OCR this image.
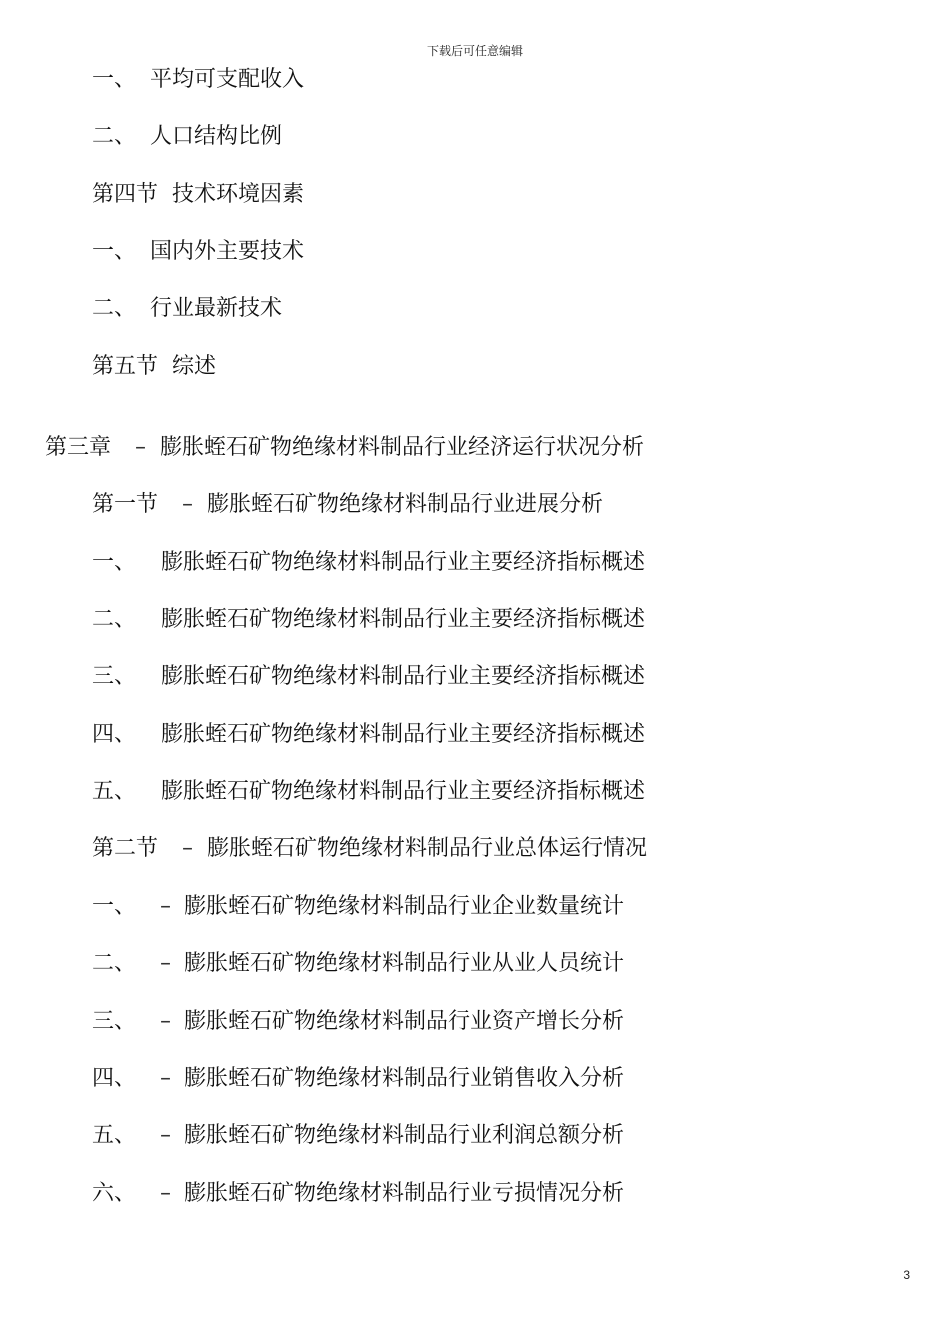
下载后可任意编辑
一、 平均可支配收入
二、 人口结构比例
第四节 技术环境因素
一、 国内外主要技术
二、 行业最新技术
第五节 综述
第三章 – 膨胀蛭石矿物绝缘材料制品行业经济运行状况分析
第一节 – 膨胀蛭石矿物绝缘材料制品行业进展分析
一、 膨胀蛭石矿物绝缘材料制品行业主要经济指标概述
二、 膨胀蛭石矿物绝缘材料制品行业主要经济指标概述
三、 膨胀蛭石矿物绝缘材料制品行业主要经济指标概述
四、 膨胀蛭石矿物绝缘材料制品行业主要经济指标概述
五、 膨胀蛭石矿物绝缘材料制品行业主要经济指标概述
第二节 – 膨胀蛭石矿物绝缘材料制品行业总体运行情况
一、 – 膨胀蛭石矿物绝缘材料制品行业企业数量统计
二、 – 膨胀蛭石矿物绝缘材料制品行业从业人员统计
三、 – 膨胀蛭石矿物绝缘材料制品行业资产增长分析
四、 – 膨胀蛭石矿物绝缘材料制品行业销售收入分析
五、 – 膨胀蛭石矿物绝缘材料制品行业利润总额分析
六、 – 膨胀蛭石矿物绝缘材料制品行业亏损情况分析
3
